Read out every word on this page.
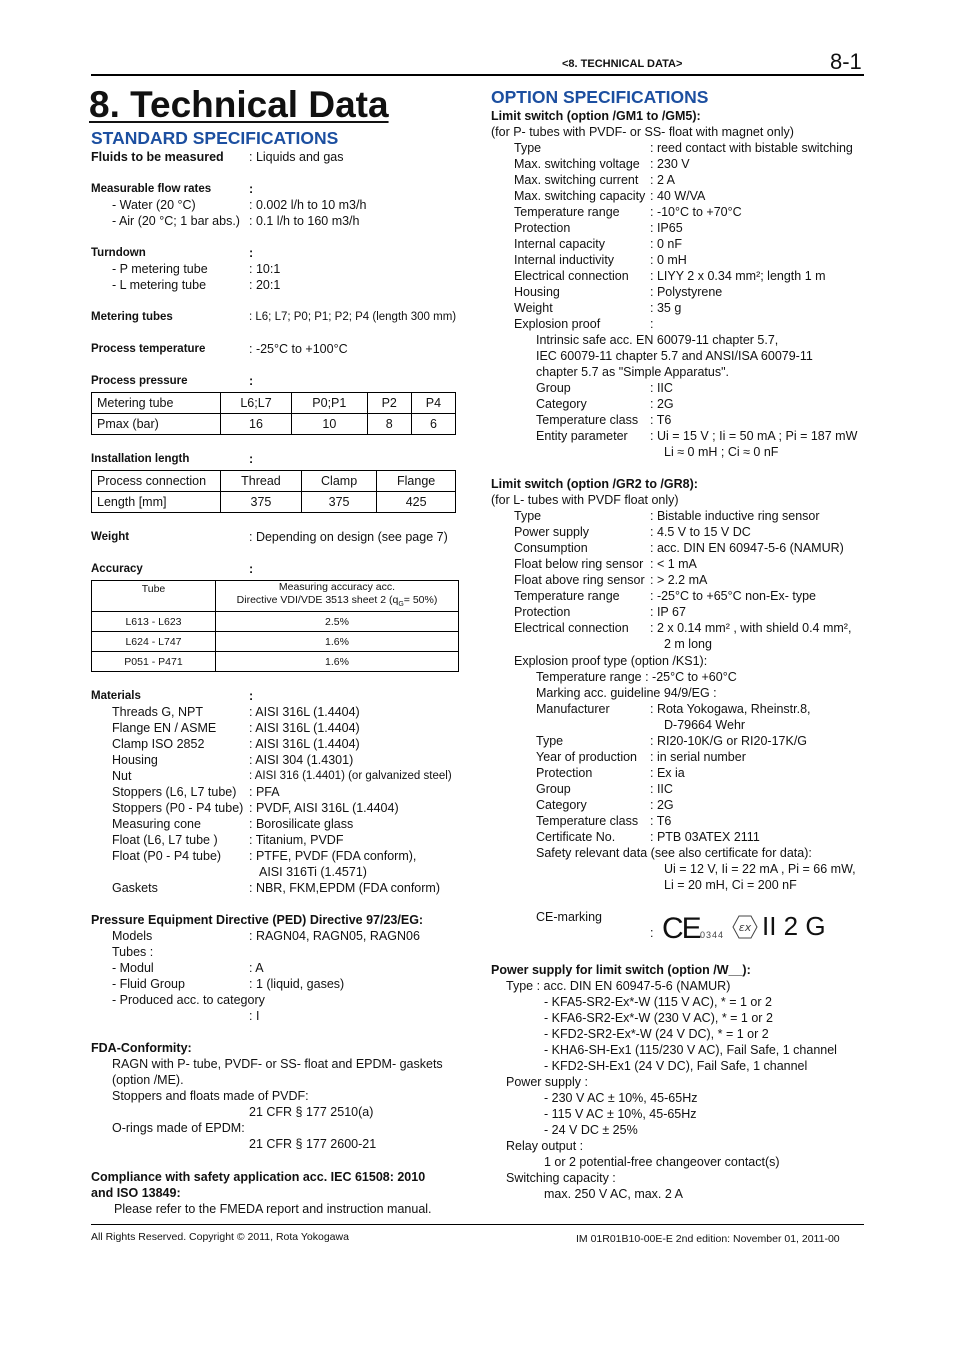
<8. TECHNICAL DATA>	8-1
8. Technical Data
STANDARD SPECIFICATIONS
Fluids to be measured : Liquids and gas
Measurable flow rates	:
- Water (20 °C)	: 0.002 l/h to 10 m3/h
- Air (20 °C; 1 bar abs.) : 0.1 l/h to 160 m3/h
Turndown	:
- P metering tube	: 10:1
- L metering tube	: 20:1
Metering tubes	: L6; L7; P0; P1; P2; P4 (length 300 mm)
Process temperature	: -25°C to +100°C
Process pressure	:
Metering tube	L6;L7	P0;P1	P2	P4
Pmax (bar)	16	10	8	6
Installation length	:
Process connection	Thread	Clamp	Flange
Length [mm]	375	375	425
Weight	: Depending on design (see page 7)
Accuracy	:
Tube	Measuring accuracy acc.
Directive VDI/VDE 3513 sheet 2 $(q_G= 50\%)$
L613 - L623	2.5%
L624 - L747	1.6%
P051 - P471	1.6%
Materials	:
Threads G, NPT	: AISI 316L (1.4404)
Flange EN / ASME	: AISI 316L (1.4404)
Clamp ISO 2852	: AISI 316L (1.4404)
Housing	: AISI 304 (1.4301)
Nut	: AISI 316 (1.4401) (or galvanized steel)
Stoppers (L6, L7 tube) : PFA
Stoppers (P0 - P4 tube) : PVDF, AISI 316L (1.4404)
Measuring cone	: Borosilicate glass
Float (L6, L7 tube )	: Titanium, PVDF
Float (P0 - P4 tube) : PTFE, PVDF (FDA conform),
AISI 316Ti (1.4571)
Gaskets	: NBR, FKM,EPDM (FDA conform)
Pressure Equipment Directive (PED) Directive 97/23/EG:
Models	: RAGN04, RAGN05, RAGN06
Tubes :
- Modul	: A
- Fluid Group	: 1 (liquid, gases)
- Produced acc. to category
: I
FDA-Conformity:
RAGN with P- tube, PVDF- or SS- float and EPDM- gaskets
(option /ME).
Stoppers and floats made of PVDF:
21 CFR § 177 2510(a)
O-rings made of EPDM:
21 CFR § 177 2600-21
Compliance with safety application acc. IEC 61508: 2010
and ISO 13849:
Please refer to the FMEDA report and instruction manual.
OPTION SPECIFICATIONS
Limit switch (option /GM1 to /GM5):
(for P- tubes with PVDF- or SS- float with magnet only)
Type	: reed contact with bistable switching
Max. switching voltage : 230 V
Max. switching current : 2 A
Max. switching capacity : 40 W/VA
Temperature range : -10°C to +70°C
Protection	: IP65
Internal capacity	: 0 nF
Internal inductivity	: 0 mH
Electrical connection : LIYY 2 x 0.34 mm²; length 1 m
Housing	: Polystyrene
Weight	: 35 g
Explosion proof	:
Intrinsic safe acc. EN 60079-11 chapter 5.7,
IEC 60079-11 chapter 5.7 and ANSI/ISA 60079-11
chapter 5.7 as "Simple Apparatus".
Group	: IIC
Category	: 2G
Temperature class : T6
Entity parameter : Ui = 15 V ; Ii = 50 mA ; Pi = 187 mW
Li ≈ 0 mH ; Ci ≈ 0 nF
Limit switch (option /GR2 to /GR8):
(for L- tubes with PVDF float only)
Type	: Bistable inductive ring sensor
Power supply	: 4.5 V to 15 V DC
Consumption	: acc. DIN EN 60947-5-6 (NAMUR)
Float below ring sensor : < 1 mA
Float above ring sensor : > 2.2 mA
Temperature range : -25°C to +65°C non-Ex- type
Protection	: IP 67
Electrical connection : 2 x 0.14 mm² , with shield 0.4 mm²,
2 m long
Explosion proof type (option /KS1):
Temperature range : -25°C to +60°C
Marking acc. guideline 94/9/EG :
Manufacturer	: Rota Yokogawa, Rheinstr.8,
D-79664 Wehr
Type	: RI20-10K/G or RI20-17K/G
Year of production : in serial number
Protection	: Ex ia
Group	: IIC
Category	: 2G
Temperature class : T6
Certificate No.	: PTB 03ATEX 2111
Safety relevant data (see also certificate for data):
Ui = 12 V, Ii = 22 mA , Pi = 66 mW,
Li = 20 mH, Ci = 200 nF
CE-marking
: CE 0344
εx II 2 G
Power supply for limit switch (option /W__):
Type : acc. DIN EN 60947-5-6 (NAMUR)
- KFA5-SR2-Ex*-W (115 V AC), * = 1 or 2
- KFA6-SR2-Ex*-W (230 V AC), * = 1 or 2
- KFD2-SR2-Ex*-W (24 V DC), * = 1 or 2
- KHA6-SH-Ex1 (115/230 V AC), Fail Safe, 1 channel
- KFD2-SH-Ex1 (24 V DC), Fail Safe, 1 channel
Power supply :
- 230 V AC ± 10%, 45-65Hz
- 115 V AC ± 10%, 45-65Hz
- 24 V DC ± 25%
Relay output :
1 or 2 potential-free changeover contact(s)
Switching capacity :
max. 250 V AC, max. 2 A
All Rights Reserved. Copyright © 2011, Rota Yokogawa	IM 01R01B10-00E-E 2nd edition: November 01, 2011-00
